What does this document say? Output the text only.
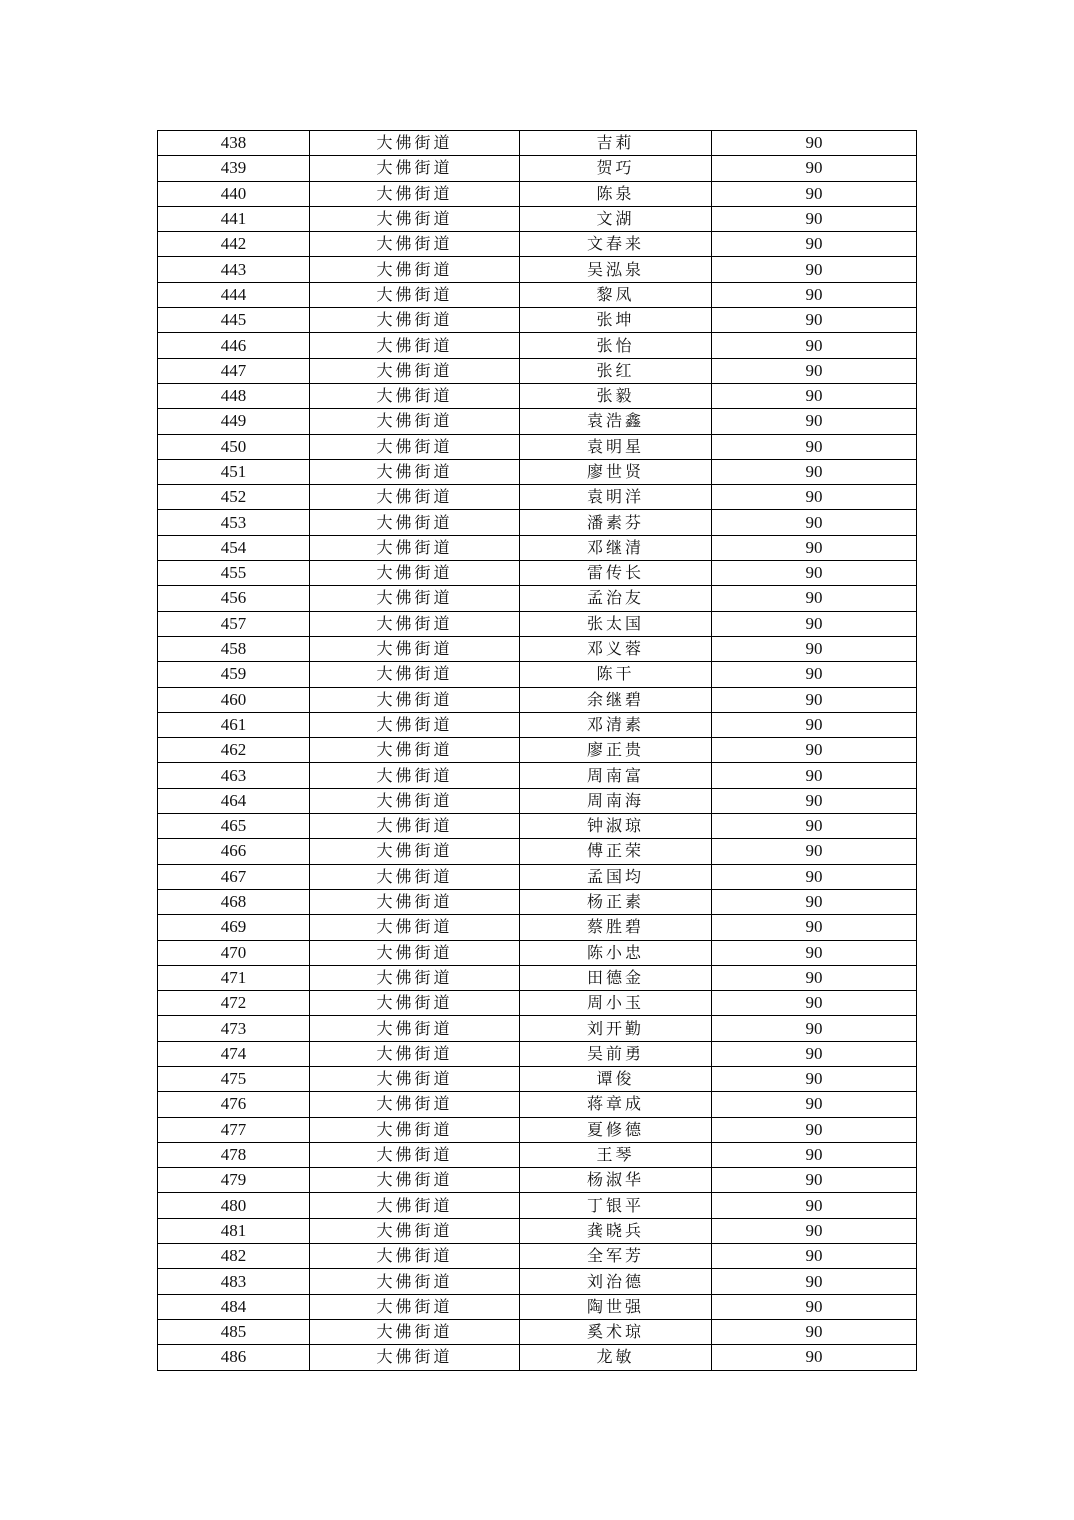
438	大佛街道	吉莉	90
439	大佛街道	贺巧	90
440	大佛街道	陈泉	90
441	大佛街道	文湖	90
442	大佛街道	文春来	90
443	大佛街道	吴泓泉	90
444	大佛街道	黎凤	90
445	大佛街道	张坤	90
446	大佛街道	张怡	90
447	大佛街道	张红	90
448	大佛街道	张毅	90
449	大佛街道	袁浩鑫	90
450	大佛街道	袁明星	90
451	大佛街道	廖世贤	90
452	大佛街道	袁明洋	90
453	大佛街道	潘素芬	90
454	大佛街道	邓继清	90
455	大佛街道	雷传长	90
456	大佛街道	孟治友	90
457	大佛街道	张太国	90
458	大佛街道	邓义蓉	90
459	大佛街道	陈干	90
460	大佛街道	余继碧	90
461	大佛街道	邓清素	90
462	大佛街道	廖正贵	90
463	大佛街道	周南富	90
464	大佛街道	周南海	90
465	大佛街道	钟淑琼	90
466	大佛街道	傅正荣	90
467	大佛街道	孟国均	90
468	大佛街道	杨正素	90
469	大佛街道	蔡胜碧	90
470	大佛街道	陈小忠	90
471	大佛街道	田德金	90
472	大佛街道	周小玉	90
473	大佛街道	刘开勤	90
474	大佛街道	吴前勇	90
475	大佛街道	谭俊	90
476	大佛街道	蒋章成	90
477	大佛街道	夏修德	90
478	大佛街道	王琴	90
479	大佛街道	杨淑华	90
480	大佛街道	丁银平	90
481	大佛街道	龚晓兵	90
482	大佛街道	全军芳	90
483	大佛街道	刘治德	90
484	大佛街道	陶世强	90
485	大佛街道	奚术琼	90
486	大佛街道	龙敏	90
